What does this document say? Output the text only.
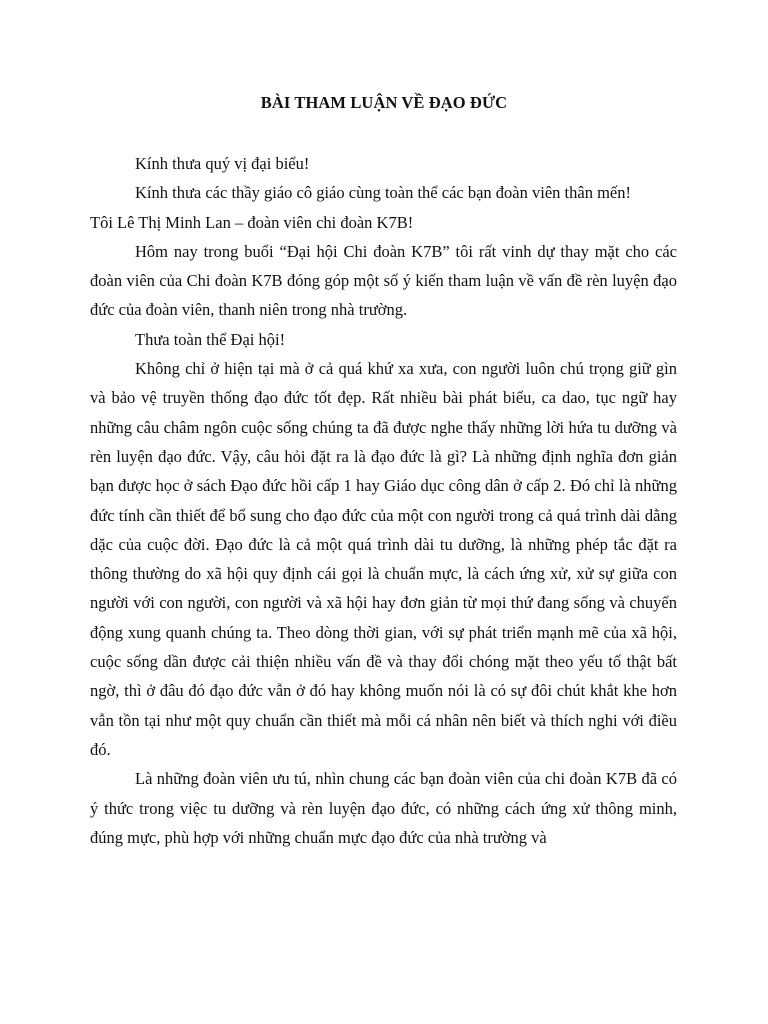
BÀI THAM LUẬN VỀ ĐẠO ĐỨC

Kính thưa quý vị đại biểu!

Kính thưa các thầy giáo cô giáo cùng toàn thể các bạn đoàn viên thân mến!

Tôi Lê Thị Minh Lan – đoàn viên chi đoàn K7B!

Hôm nay trong buổi “Đại hội Chi đoàn K7B” tôi rất vinh dự thay mặt cho các đoàn viên của Chi đoàn K7B đóng góp một số ý kiến tham luận về vấn đề rèn luyện đạo đức của đoàn viên, thanh niên trong nhà trường.

Thưa toàn thể Đại hội!

Không chỉ ở hiện tại mà ở cả quá khứ xa xưa, con người luôn chú trọng giữ gìn và bảo vệ truyền thống đạo đức tốt đẹp. Rất nhiều bài phát biểu, ca dao, tục ngữ hay những câu châm ngôn cuộc sống chúng ta đã được nghe thấy những lời hứa tu dưỡng và rèn luyện đạo đức. Vậy, câu hỏi đặt ra là đạo đức là gì? Là những định nghĩa đơn giản bạn được học ở sách Đạo đức hồi cấp 1 hay Giáo dục công dân ở cấp 2. Đó chỉ là những đức tính cần thiết để bổ sung cho đạo đức của một con người trong cả quá trình dài dằng dặc của cuộc đời. Đạo đức là cả một quá trình dài tu dưỡng, là những phép tắc đặt ra thông thường do xã hội quy định cái gọi là chuẩn mực, là cách ứng xử, xử sự giữa con người với con người, con người và xã hội hay đơn giản từ mọi thứ đang sống và chuyển động xung quanh chúng ta. Theo dòng thời gian, với sự phát triển mạnh mẽ của xã hội, cuộc sống dần được cải thiện nhiều vấn đề và thay đổi chóng mặt theo yếu tố thật bất ngờ, thì ở đâu đó đạo đức vẫn ở đó hay không muốn nói là có sự đôi chút khắt khe hơn vẫn tồn tại như một quy chuẩn cần thiết mà mỗi cá nhân nên biết và thích nghi với điều đó.

Là những đoàn viên ưu tú, nhìn chung các bạn đoàn viên của chi đoàn K7B đã có ý thức trong việc tu dưỡng và rèn luyện đạo đức, có những cách ứng xử thông minh, đúng mực, phù hợp với những chuẩn mực đạo đức của nhà trường và
